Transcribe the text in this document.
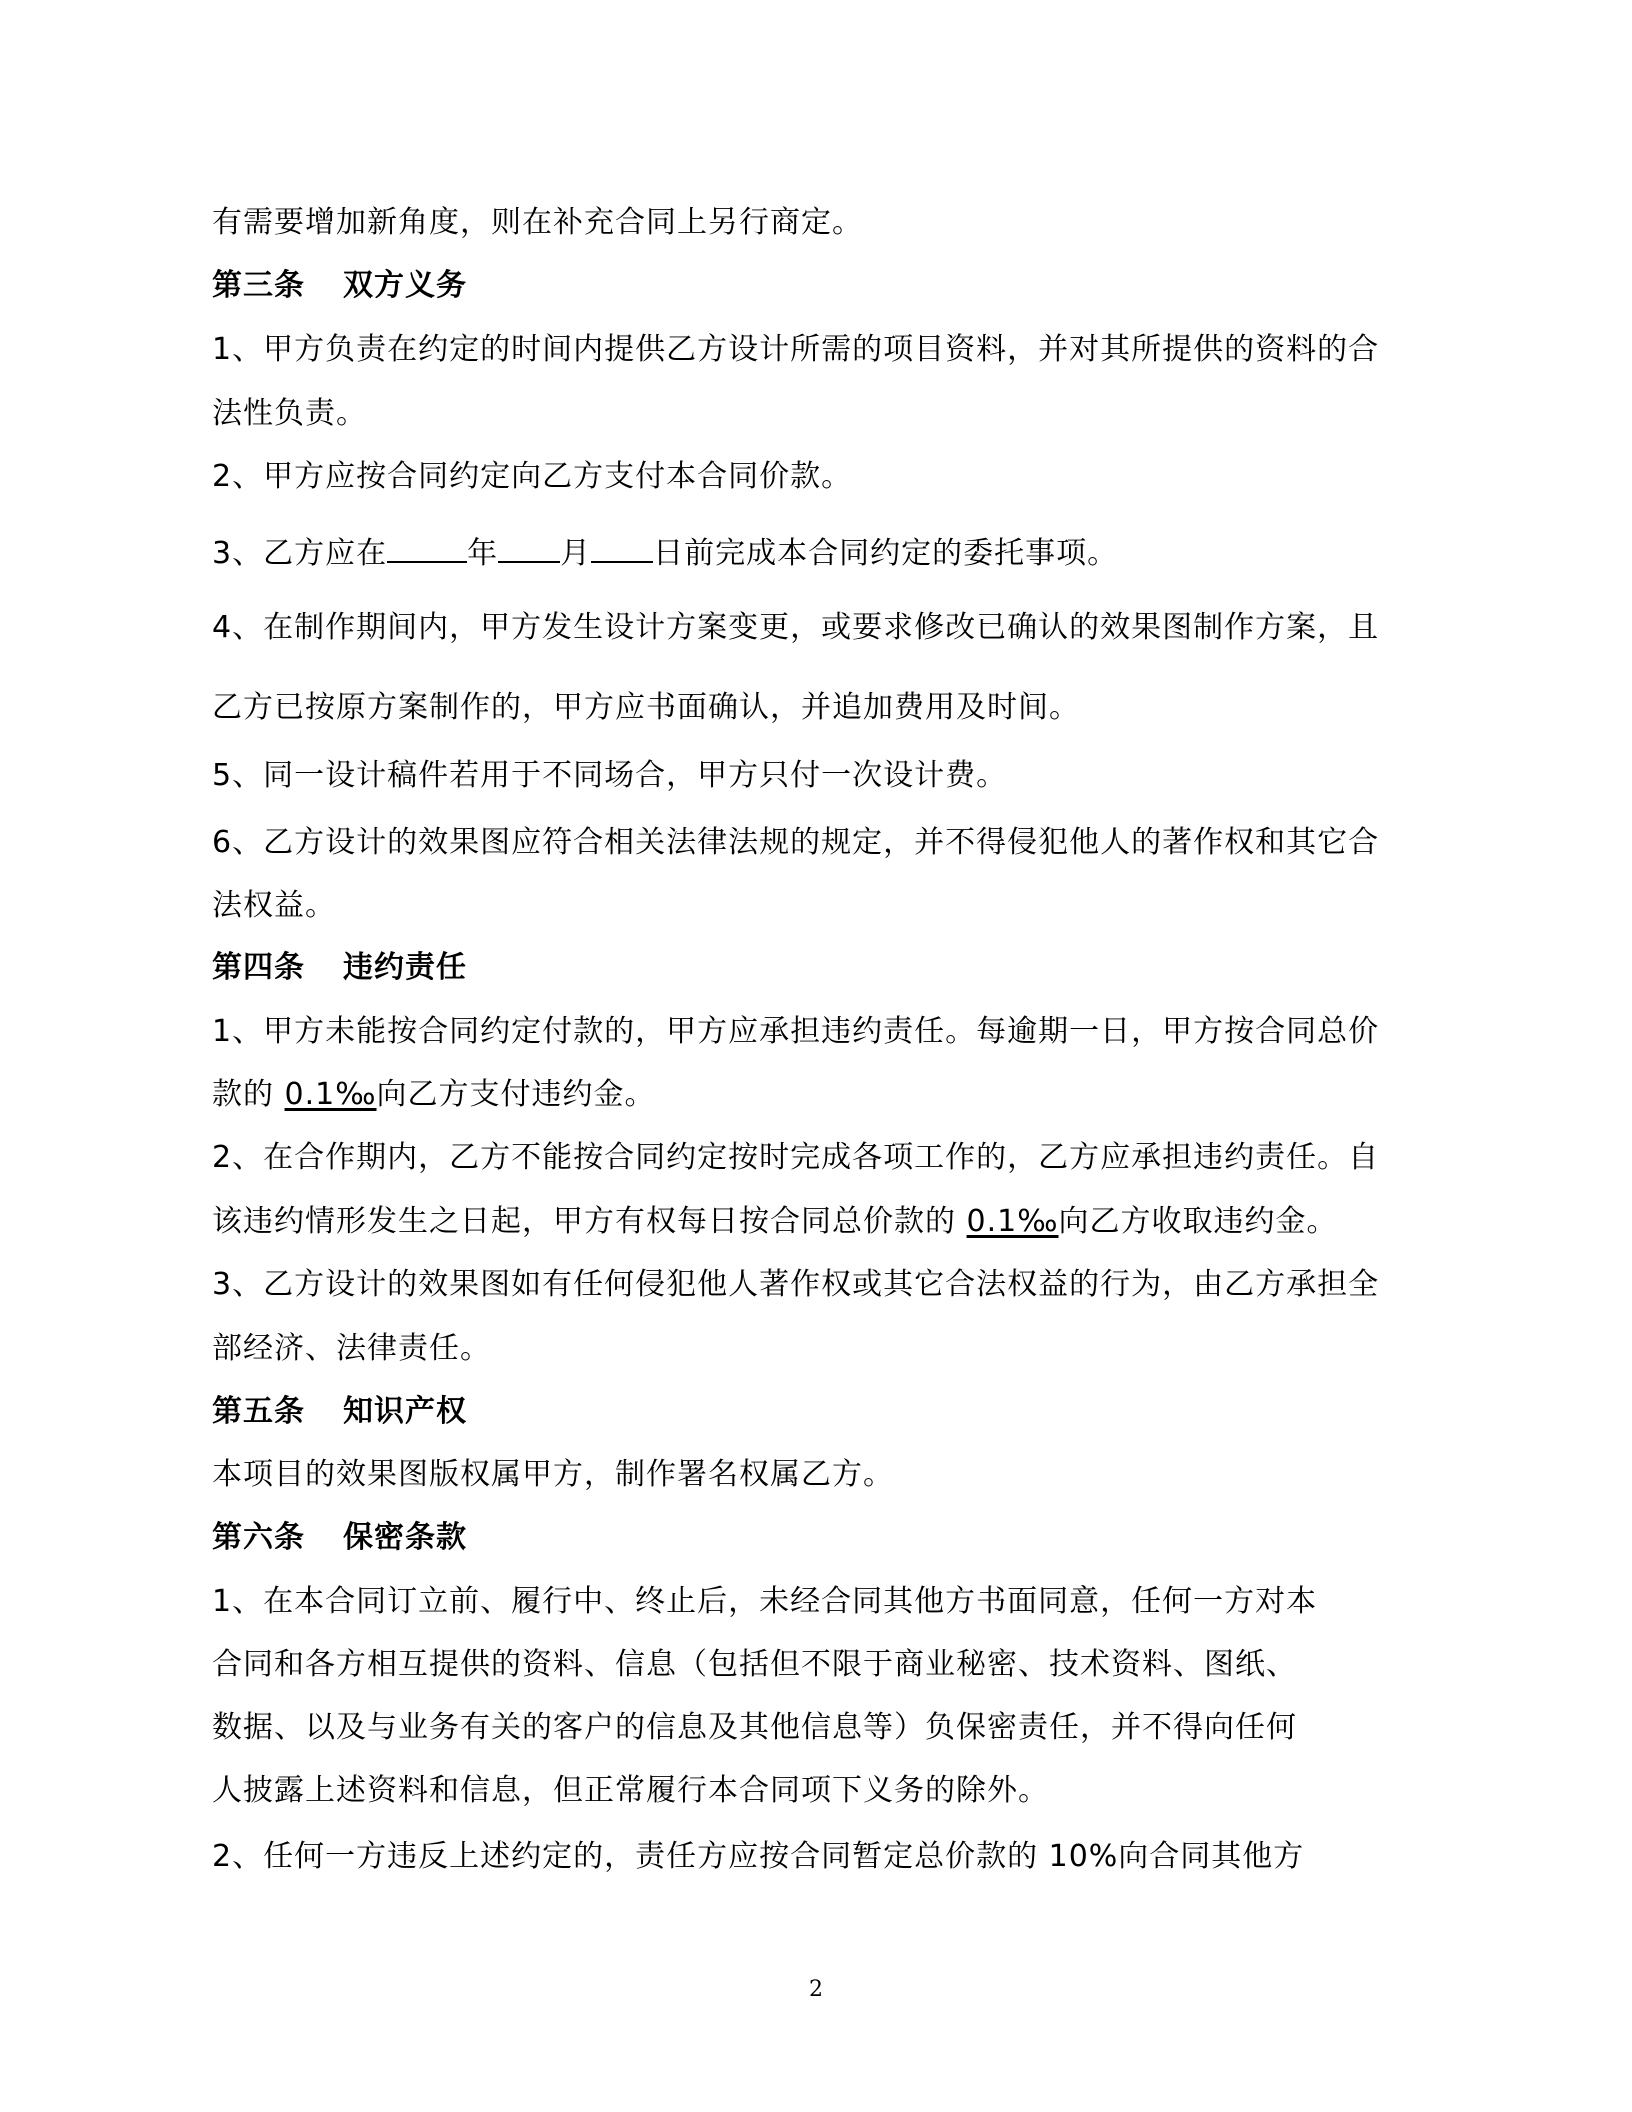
有需要增加新角度，则在补充合同上另行商定。
第三条 双方义务
1、甲方负责在约定的时间内提供乙方设计所需的项目资料，并对其所提供的资料的合
法性负责。
2、甲方应按合同约定向乙方支付本合同价款。
3、乙方应在	年 月 日前完成本合同约定的委托事项。
4、在制作期间内，甲方发生设计方案变更，或要求修改已确认的效果图制作方案，且
乙方已按原方案制作的，甲方应书面确认，并追加费用及时间。
5、同一设计稿件若用于不同场合，甲方只付一次设计费。
6、乙方设计的效果图应符合相关法律法规的规定，并不得侵犯他人的著作权和其它合
法权益。
第四条 违约责任
1、甲方未能按合同约定付款的，甲方应承担违约责任。每逾期一日，甲方按合同总价
款的 0.1‰向乙方支付违约金。
2、在合作期内，乙方不能按合同约定按时完成各项工作的，乙方应承担违约责任。自
该违约情形发生之日起，甲方有权每日按合同总价款的 0.1‰向乙方收取违约金。
3、乙方设计的效果图如有任何侵犯他人著作权或其它合法权益的行为，由乙方承担全
部经济、法律责任。
第五条 知识产权
本项目的效果图版权属甲方，制作署名权属乙方。
第六条 保密条款
1、在本合同订立前、履行中、终止后，未经合同其他方书面同意，任何一方对本
合同和各方相互提供的资料、信息（包括但不限于商业秘密、技术资料、图纸、
数据、以及与业务有关的客户的信息及其他信息等）负保密责任，并不得向任何
人披露上述资料和信息，但正常履行本合同项下义务的除外。
2、任何一方违反上述约定的，责任方应按合同暂定总价款的 10%向合同其他方
2
